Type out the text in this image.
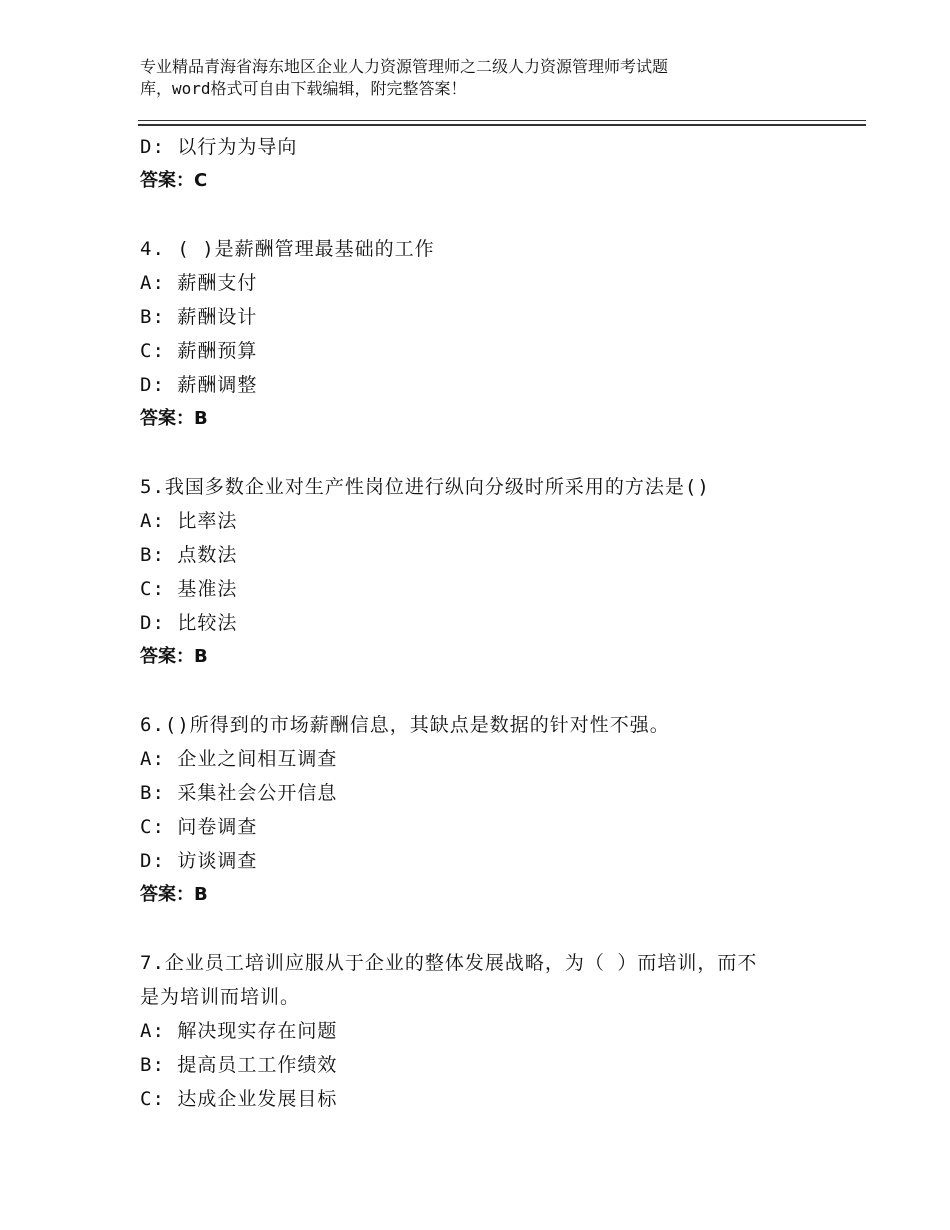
专业精品青海省海东地区企业人力资源管理师之二级人力资源管理师考试题
库，word格式可自由下载编辑，附完整答案！
D: 以行为为导向
答案：C
4. ( )是薪酬管理最基础的工作
A: 薪酬支付
B: 薪酬设计
C: 薪酬预算
D: 薪酬调整
答案：B
5.我国多数企业对生产性岗位进行纵向分级时所采用的方法是()
A: 比率法
B: 点数法
C: 基准法
D: 比较法
答案：B
6.()所得到的市场薪酬信息，其缺点是数据的针对性不强。
A: 企业之间相互调查
B: 采集社会公开信息
C: 问卷调查
D: 访谈调查
答案：B
7.企业员工培训应服从于企业的整体发展战略，为（ ）而培训，而不
是为培训而培训。
A: 解决现实存在问题
B: 提高员工工作绩效
C: 达成企业发展目标
